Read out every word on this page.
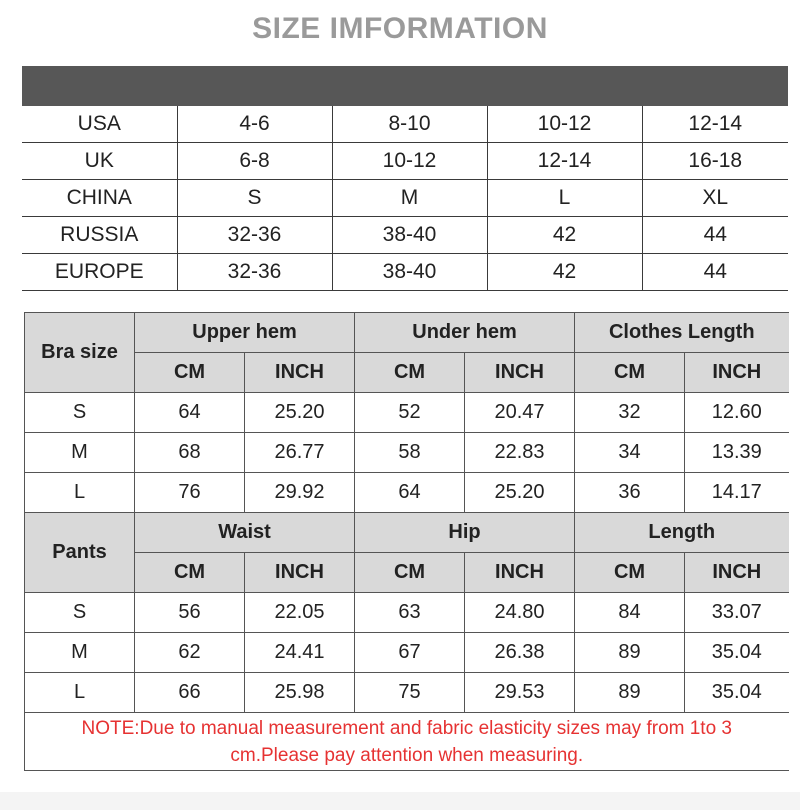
SIZE IMFORMATION

USA	4-6	8-10	10-12	12-14
UK	6-8	10-12	12-14	16-18
CHINA	S	M	L	XL
RUSSIA	32-36	38-40	42	44
EUROPE	32-36	38-40	42	44
Bra size	Upper hem		Under hem		Clothes Length	
	CM	INCH	CM	INCH	CM	INCH
S	64	25.20	52	20.47	32	12.60
M	68	26.77	58	22.83	34	13.39
L	76	29.92	64	25.20	36	14.17
Pants	Waist		Hip		Length	
	CM	INCH	CM	INCH	CM	INCH
S	56	22.05	63	24.80	84	33.07
M	62	24.41	67	26.38	89	35.04
L	66	25.98	75	29.53	89	35.04
NOTE:Due to manual measurement and fabric elasticity sizes may from 1to 3 cm.Please pay attention when measuring.						
